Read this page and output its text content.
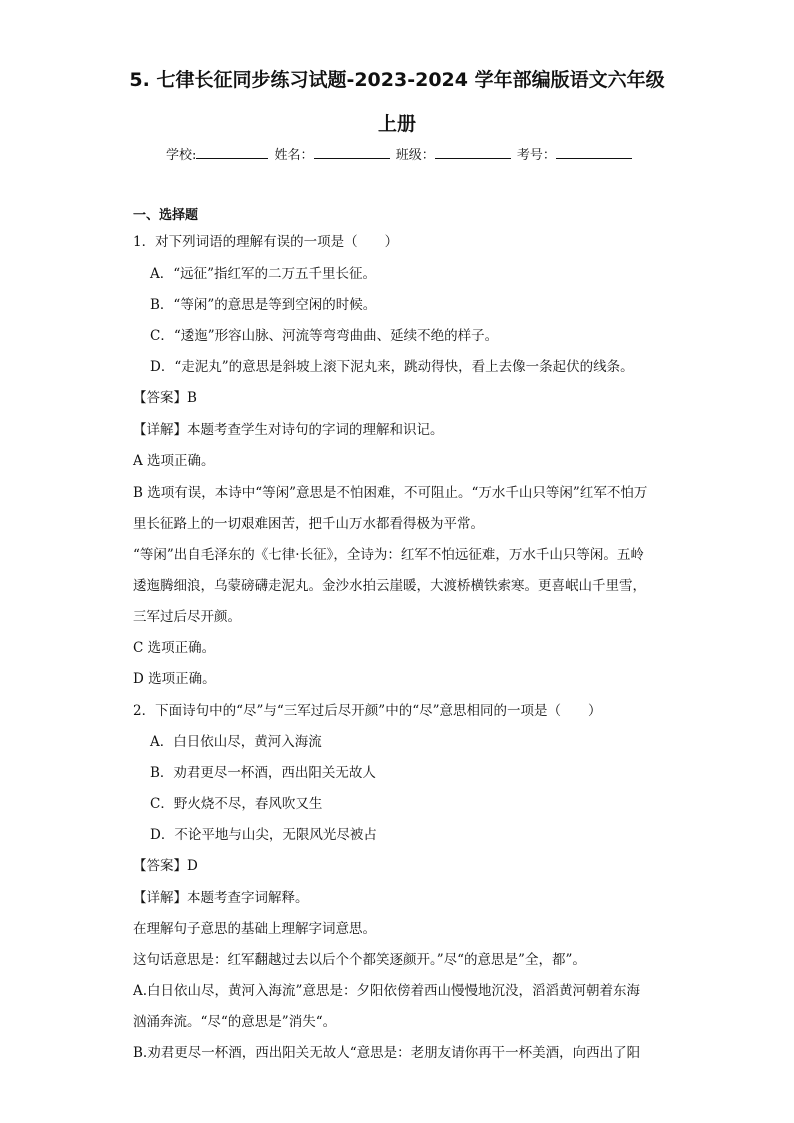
5. 七律长征同步练习试题-2023-2024 学年部编版语文六年级
上册
学校:	姓名：	班级：	考号：
一、选择题
1．对下列词语的理解有误的一项是（　　）
A．“远征”指红军的二万五千里长征。
B．“等闲”的意思是等到空闲的时候。
C．“逶迤”形容山脉、河流等弯弯曲曲、延续不绝的样子。
D．“走泥丸”的意思是斜坡上滚下泥丸来，跳动得快，看上去像一条起伏的线条。
【答案】B
【详解】本题考查学生对诗句的字词的理解和识记。
A 选项正确。
B 选项有误，本诗中“等闲”意思是不怕困难，不可阻止。“万水千山只等闲”红军不怕万
里长征路上的一切艰难困苦，把千山万水都看得极为平常。
“等闲”出自毛泽东的《七律·长征》，全诗为：红军不怕远征难，万水千山只等闲。五岭
逶迤腾细浪，乌蒙磅礴走泥丸。金沙水拍云崖暖，大渡桥横铁索寒。更喜岷山千里雪，
三军过后尽开颜。
C 选项正确。
D 选项正确。
2．下面诗句中的“尽”与“三军过后尽开颜”中的“尽”意思相同的一项是（　　）
A．白日依山尽，黄河入海流
B．劝君更尽一杯酒，西出阳关无故人
C．野火烧不尽，春风吹又生
D．不论平地与山尖，无限风光尽被占
【答案】D
【详解】本题考查字词解释。
在理解句子意思的基础上理解字词意思。
这句话意思是：红军翻越过去以后个个都笑逐颜开。”尽“的意思是”全，都”。
A.白日依山尽，黄河入海流”意思是：夕阳依傍着西山慢慢地沉没，滔滔黄河朝着东海
汹涌奔流。“尽“的意思是”消失“。
B.劝君更尽一杯酒，西出阳关无故人“意思是：老朋友请你再干一杯美酒，向西出了阳
